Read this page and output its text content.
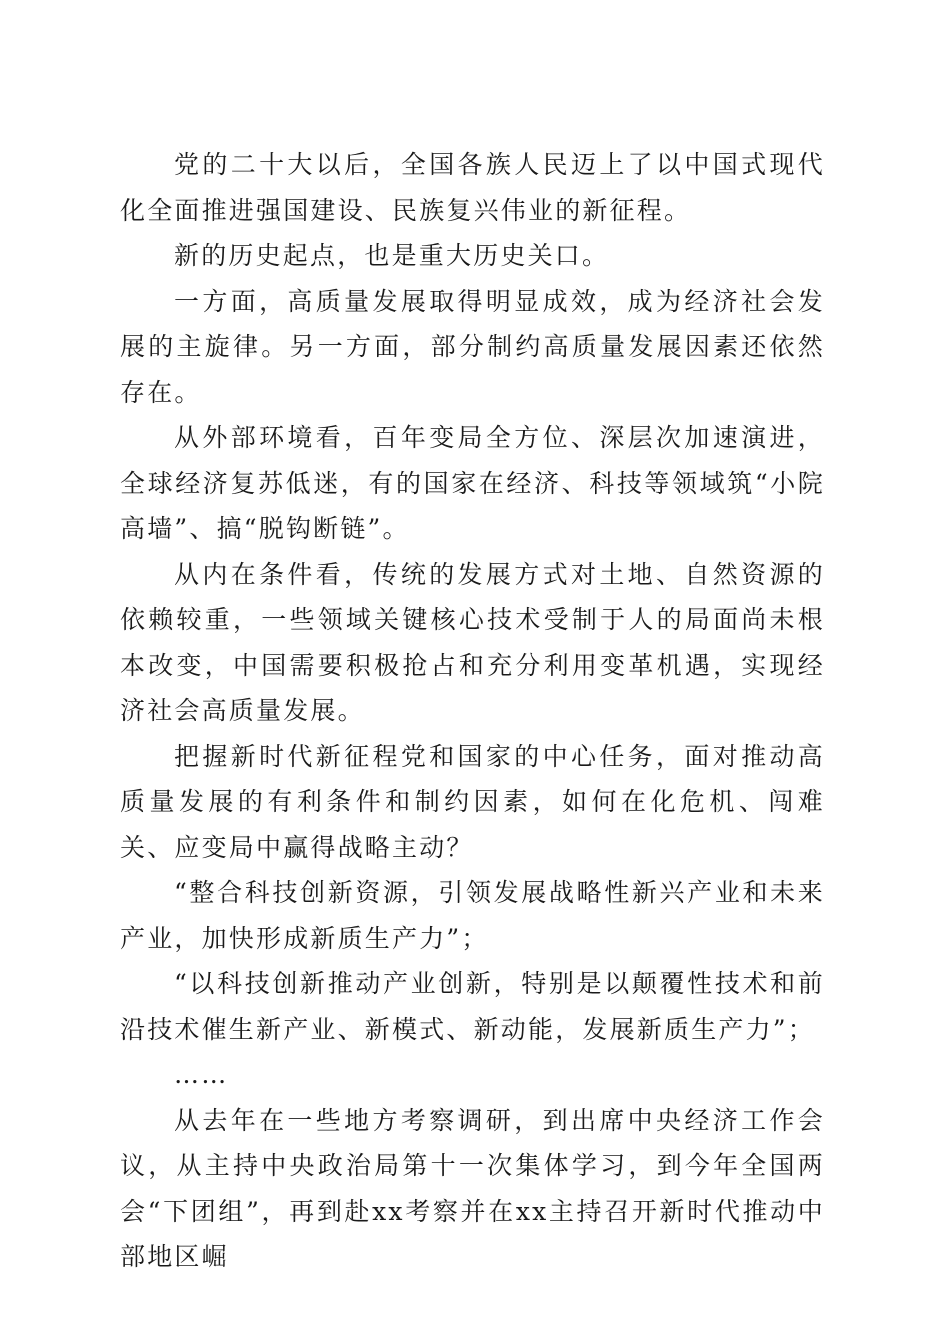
党的二十大以后，全国各族人民迈上了以中国式现代化全面推进强国建设、民族复兴伟业的新征程。

新的历史起点，也是重大历史关口。

一方面，高质量发展取得明显成效，成为经济社会发展的主旋律。另一方面，部分制约高质量发展因素还依然存在。

从外部环境看，百年变局全方位、深层次加速演进，全球经济复苏低迷，有的国家在经济、科技等领域筑“小院高墙”、搞“脱钩断链”。

从内在条件看，传统的发展方式对土地、自然资源的依赖较重，一些领域关键核心技术受制于人的局面尚未根本改变，中国需要积极抢占和充分利用变革机遇，实现经济社会高质量发展。

把握新时代新征程党和国家的中心任务，面对推动高质量发展的有利条件和制约因素，如何在化危机、闯难关、应变局中赢得战略主动？

“整合科技创新资源，引领发展战略性新兴产业和未来产业，加快形成新质生产力”；

“以科技创新推动产业创新，特别是以颠覆性技术和前沿技术催生新产业、新模式、新动能，发展新质生产力”；

……

从去年在一些地方考察调研，到出席中央经济工作会议，从主持中央政治局第十一次集体学习，到今年全国两会“下团组”，再到赴xx考察并在xx主持召开新时代推动中部地区崛
